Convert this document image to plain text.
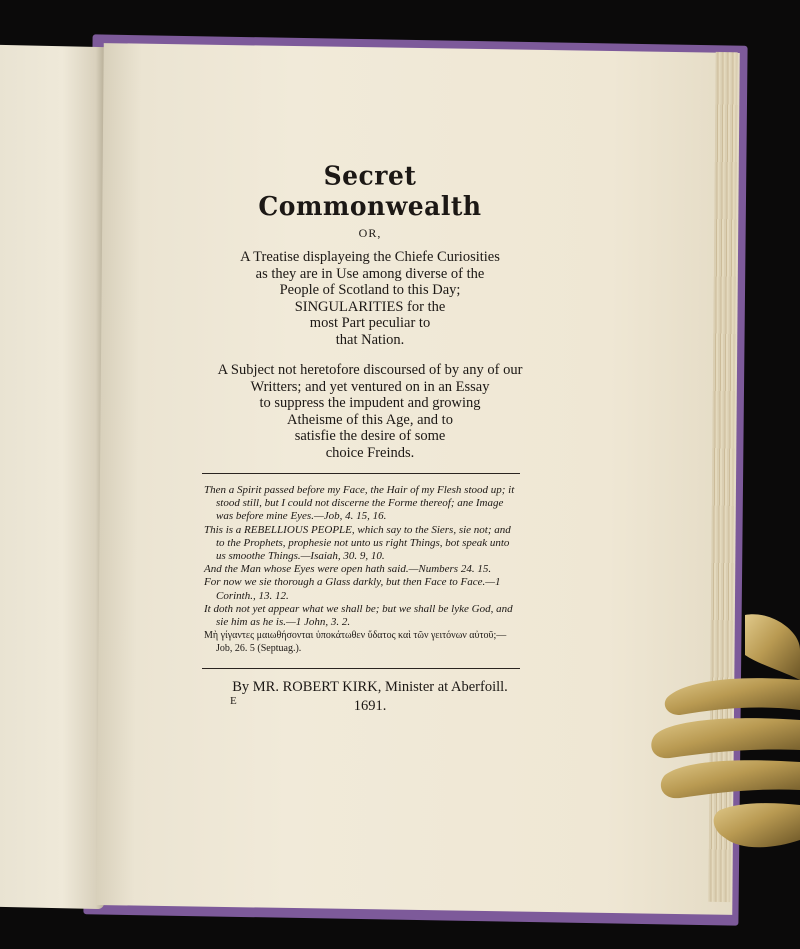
Secret Commonwealth
OR,

A Treatise displayeing the Chiefe Curiosities

as they are in Use among diverse of the

People of Scotland to this Day;

SINGULARITIES for the

most Part peculiar to

that Nation.

A Subject not heretofore discoursed of by any of our

Writters; and yet ventured on in an Essay

to suppress the impudent and growing

Atheisme of this Age, and to

satisfie the desire of some

choice Freinds.

Then a Spirit passed before my Face, the Hair of my Flesh stood up; it stood still, but I could not discerne the Forme thereof; ane Image was before mine Eyes.—Job, 4. 15, 16.

This is a REBELLIOUS PEOPLE, which say to the Siers, sie not; and to the Prophets, prophesie not unto us right Things, bot speak unto us smoothe Things.—Isaiah, 30. 9, 10.

And the Man whose Eyes were open hath said.—Numbers 24. 15.

For now we sie thorough a Glass darkly, but then Face to Face.—1 Corinth., 13. 12.

It doth not yet appear what we shall be; but we shall be lyke God, and sie him as he is.—1 John, 3. 2.

Μὴ γίγαντες μαιωθήσονται ὑποκάτωθεν ὕδατος καὶ τῶν γειτόνων αὐτοῦ;—Job, 26. 5 (Septuag.).

By MR. ROBERT KIRK, Minister at Aberfoill.
1691.
E
